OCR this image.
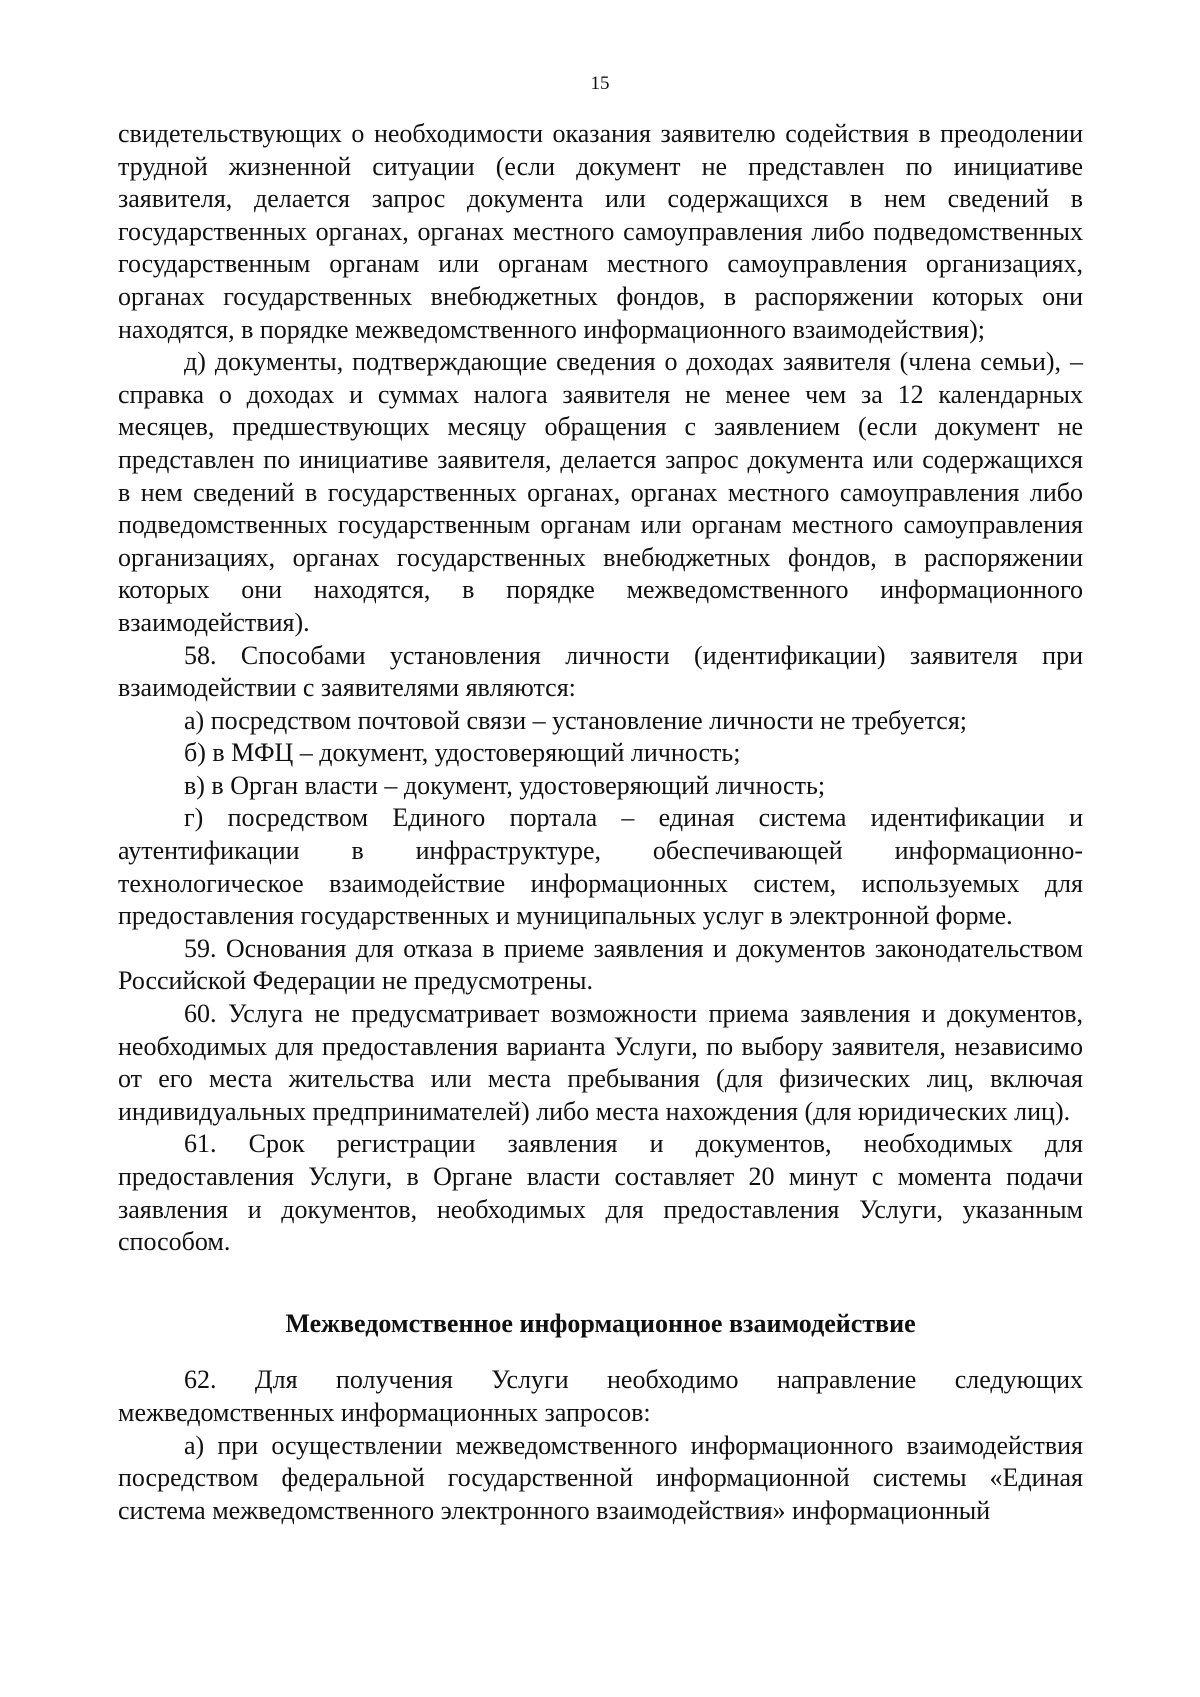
15

свидетельствующих о необходимости оказания заявителю содействия в преодолении трудной жизненной ситуации (если документ не представлен по инициативе заявителя, делается запрос документа или содержащихся в нем сведений в государственных органах, органах местного самоуправления либо подведомственных государственным органам или органам местного самоуправления организациях, органах государственных внебюджетных фондов, в распоряжении которых они находятся, в порядке межведомственного информационного взаимодействия);

д) документы, подтверждающие сведения о доходах заявителя (члена семьи), – справка о доходах и суммах налога заявителя не менее чем за 12 календарных месяцев, предшествующих месяцу обращения с заявлением (если документ не представлен по инициативе заявителя, делается запрос документа или содержащихся в нем сведений в государственных органах, органах местного самоуправления либо подведомственных государственным органам или органам местного самоуправления организациях, органах государственных внебюджетных фондов, в распоряжении которых они находятся, в порядке межведомственного информационного взаимодействия).

58. Способами установления личности (идентификации) заявителя при взаимодействии с заявителями являются:

а) посредством почтовой связи – установление личности не требуется;

б) в МФЦ – документ, удостоверяющий личность;

в) в Орган власти – документ, удостоверяющий личность;

г) посредством Единого портала – единая система идентификации и аутентификации в инфраструктуре, обеспечивающей информационно-технологическое взаимодействие информационных систем, используемых для предоставления государственных и муниципальных услуг в электронной форме.

59. Основания для отказа в приеме заявления и документов законодательством Российской Федерации не предусмотрены.

60. Услуга не предусматривает возможности приема заявления и документов, необходимых для предоставления варианта Услуги, по выбору заявителя, независимо от его места жительства или места пребывания (для физических лиц, включая индивидуальных предпринимателей) либо места нахождения (для юридических лиц).

61. Срок регистрации заявления и документов, необходимых для предоставления Услуги, в Органе власти составляет 20 минут с момента подачи заявления и документов, необходимых для предоставления Услуги, указанным способом.

Межведомственное информационное взаимодействие

62. Для получения Услуги необходимо направление следующих межведомственных информационных запросов:

а) при осуществлении межведомственного информационного взаимодействия посредством федеральной государственной информационной системы «Единая система межведомственного электронного взаимодействия» информационный
